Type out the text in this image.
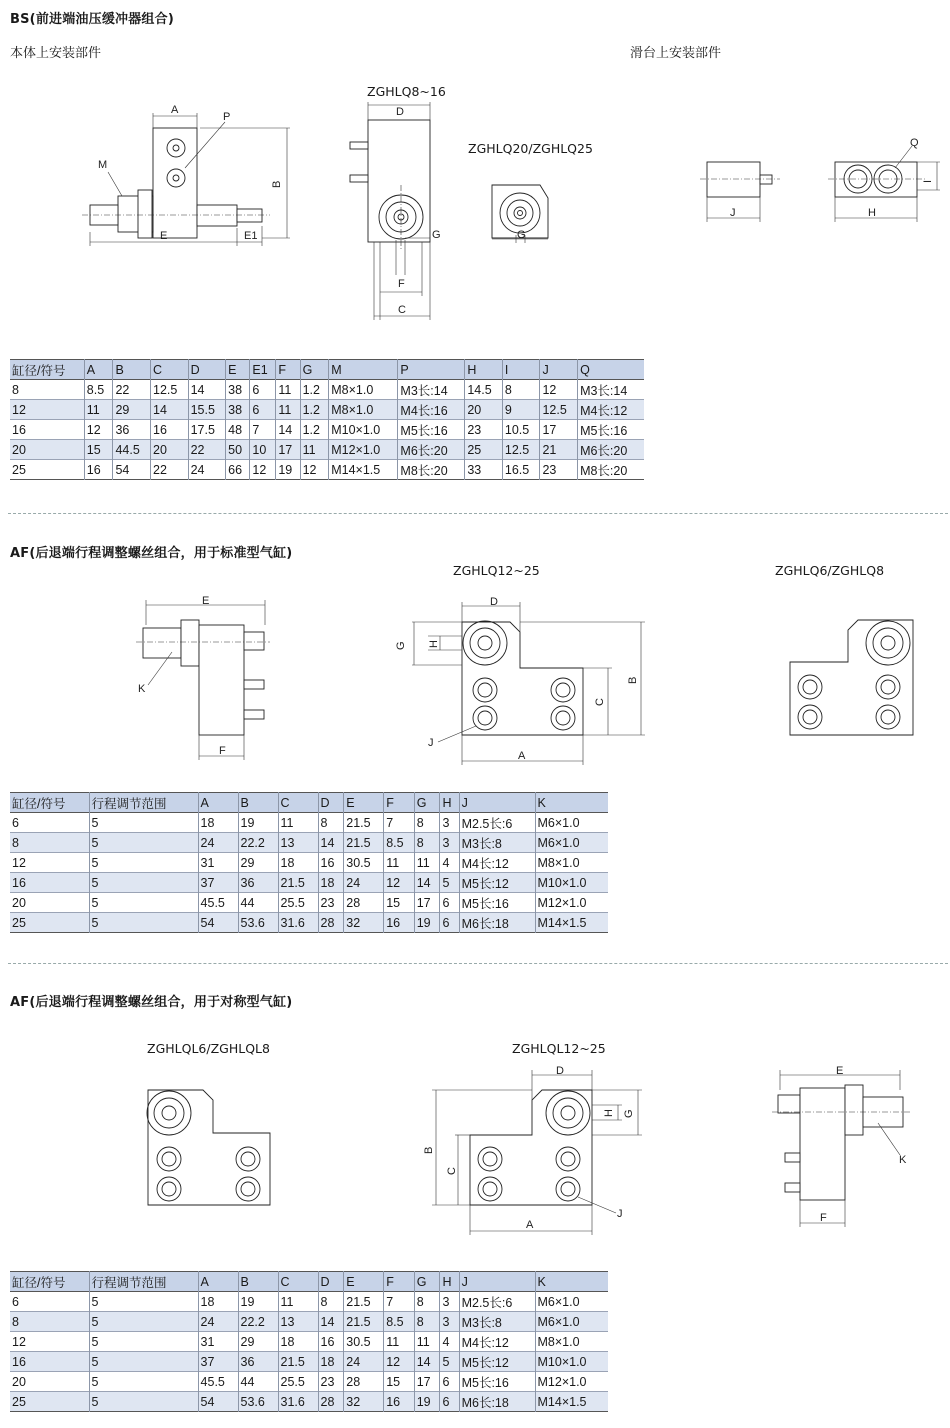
BS(前进端油压缓冲器组合)
本体上安装部件	滑台上安装部件
ZGHLQ8~16
ZGHLQ20/ZGHLQ25
A
P
M
B
E	E1
D
G
F
C
G
J
Q
I
H
缸径/符号	A	B	C	D	E	E1	F	G	M	P	H	I	J	Q
8	8.5	22	12.5	14	38	6	11	1.2	M8×1.0	M3长:14	14.5	8	12	M3长:14
12	11	29	14	15.5	38	6	11	1.2	M8×1.0	M4长:16	20	9	12.5	M4长:12
16	12	36	16	17.5	48	7	14	1.2	M10×1.0	M5长:16	23	10.5	17	M5长:16
20	15	44.5	20	22	50	10	17	11	M12×1.0	M6长:20	25	12.5	21	M6长:20
25	16	54	22	24	66	12	19	12	M14×1.5	M8长:20	33	16.5	23	M8长:20
AF(后退端行程调整螺丝组合，用于标准型气缸)
ZGHLQ12~25	ZGHLQ6/ZGHLQ8
E
K
F
D
G H
B
C
J
A
缸径/符号	行程调节范围	A	B	C	D	E	F	G	H	J	K
6	5	18	19	11	8	21.5	7	8	3	M2.5长:6	M6×1.0
8	5	24	22.2	13	14	21.5	8.5	8	3	M3长:8	M6×1.0
12	5	31	29	18	16	30.5	11	11	4	M4长:12	M8×1.0
16	5	37	36	21.5	18	24	12	14	5	M5长:12	M10×1.0
20	5	45.5	44	25.5	23	28	15	17	6	M5长:16	M12×1.0
25	5	54	53.6	31.6	28	32	16	19	6	M6长:18	M14×1.5
AF(后退端行程调整螺丝组合，用于对称型气缸)
ZGHLQL6/ZGHLQL8	ZGHLQL12~25
D
H G
B
C
A
J
E
K
F
缸径/符号	行程调节范围	A	B	C	D	E	F	G	H	J	K
6	5	18	19	11	8	21.5	7	8	3	M2.5长:6	M6×1.0
8	5	24	22.2	13	14	21.5	8.5	8	3	M3长:8	M6×1.0
12	5	31	29	18	16	30.5	11	11	4	M4长:12	M8×1.0
16	5	37	36	21.5	18	24	12	14	5	M5长:12	M10×1.0
20	5	45.5	44	25.5	23	28	15	17	6	M5长:16	M12×1.0
25	5	54	53.6	31.6	28	32	16	19	6	M6长:18	M14×1.5
